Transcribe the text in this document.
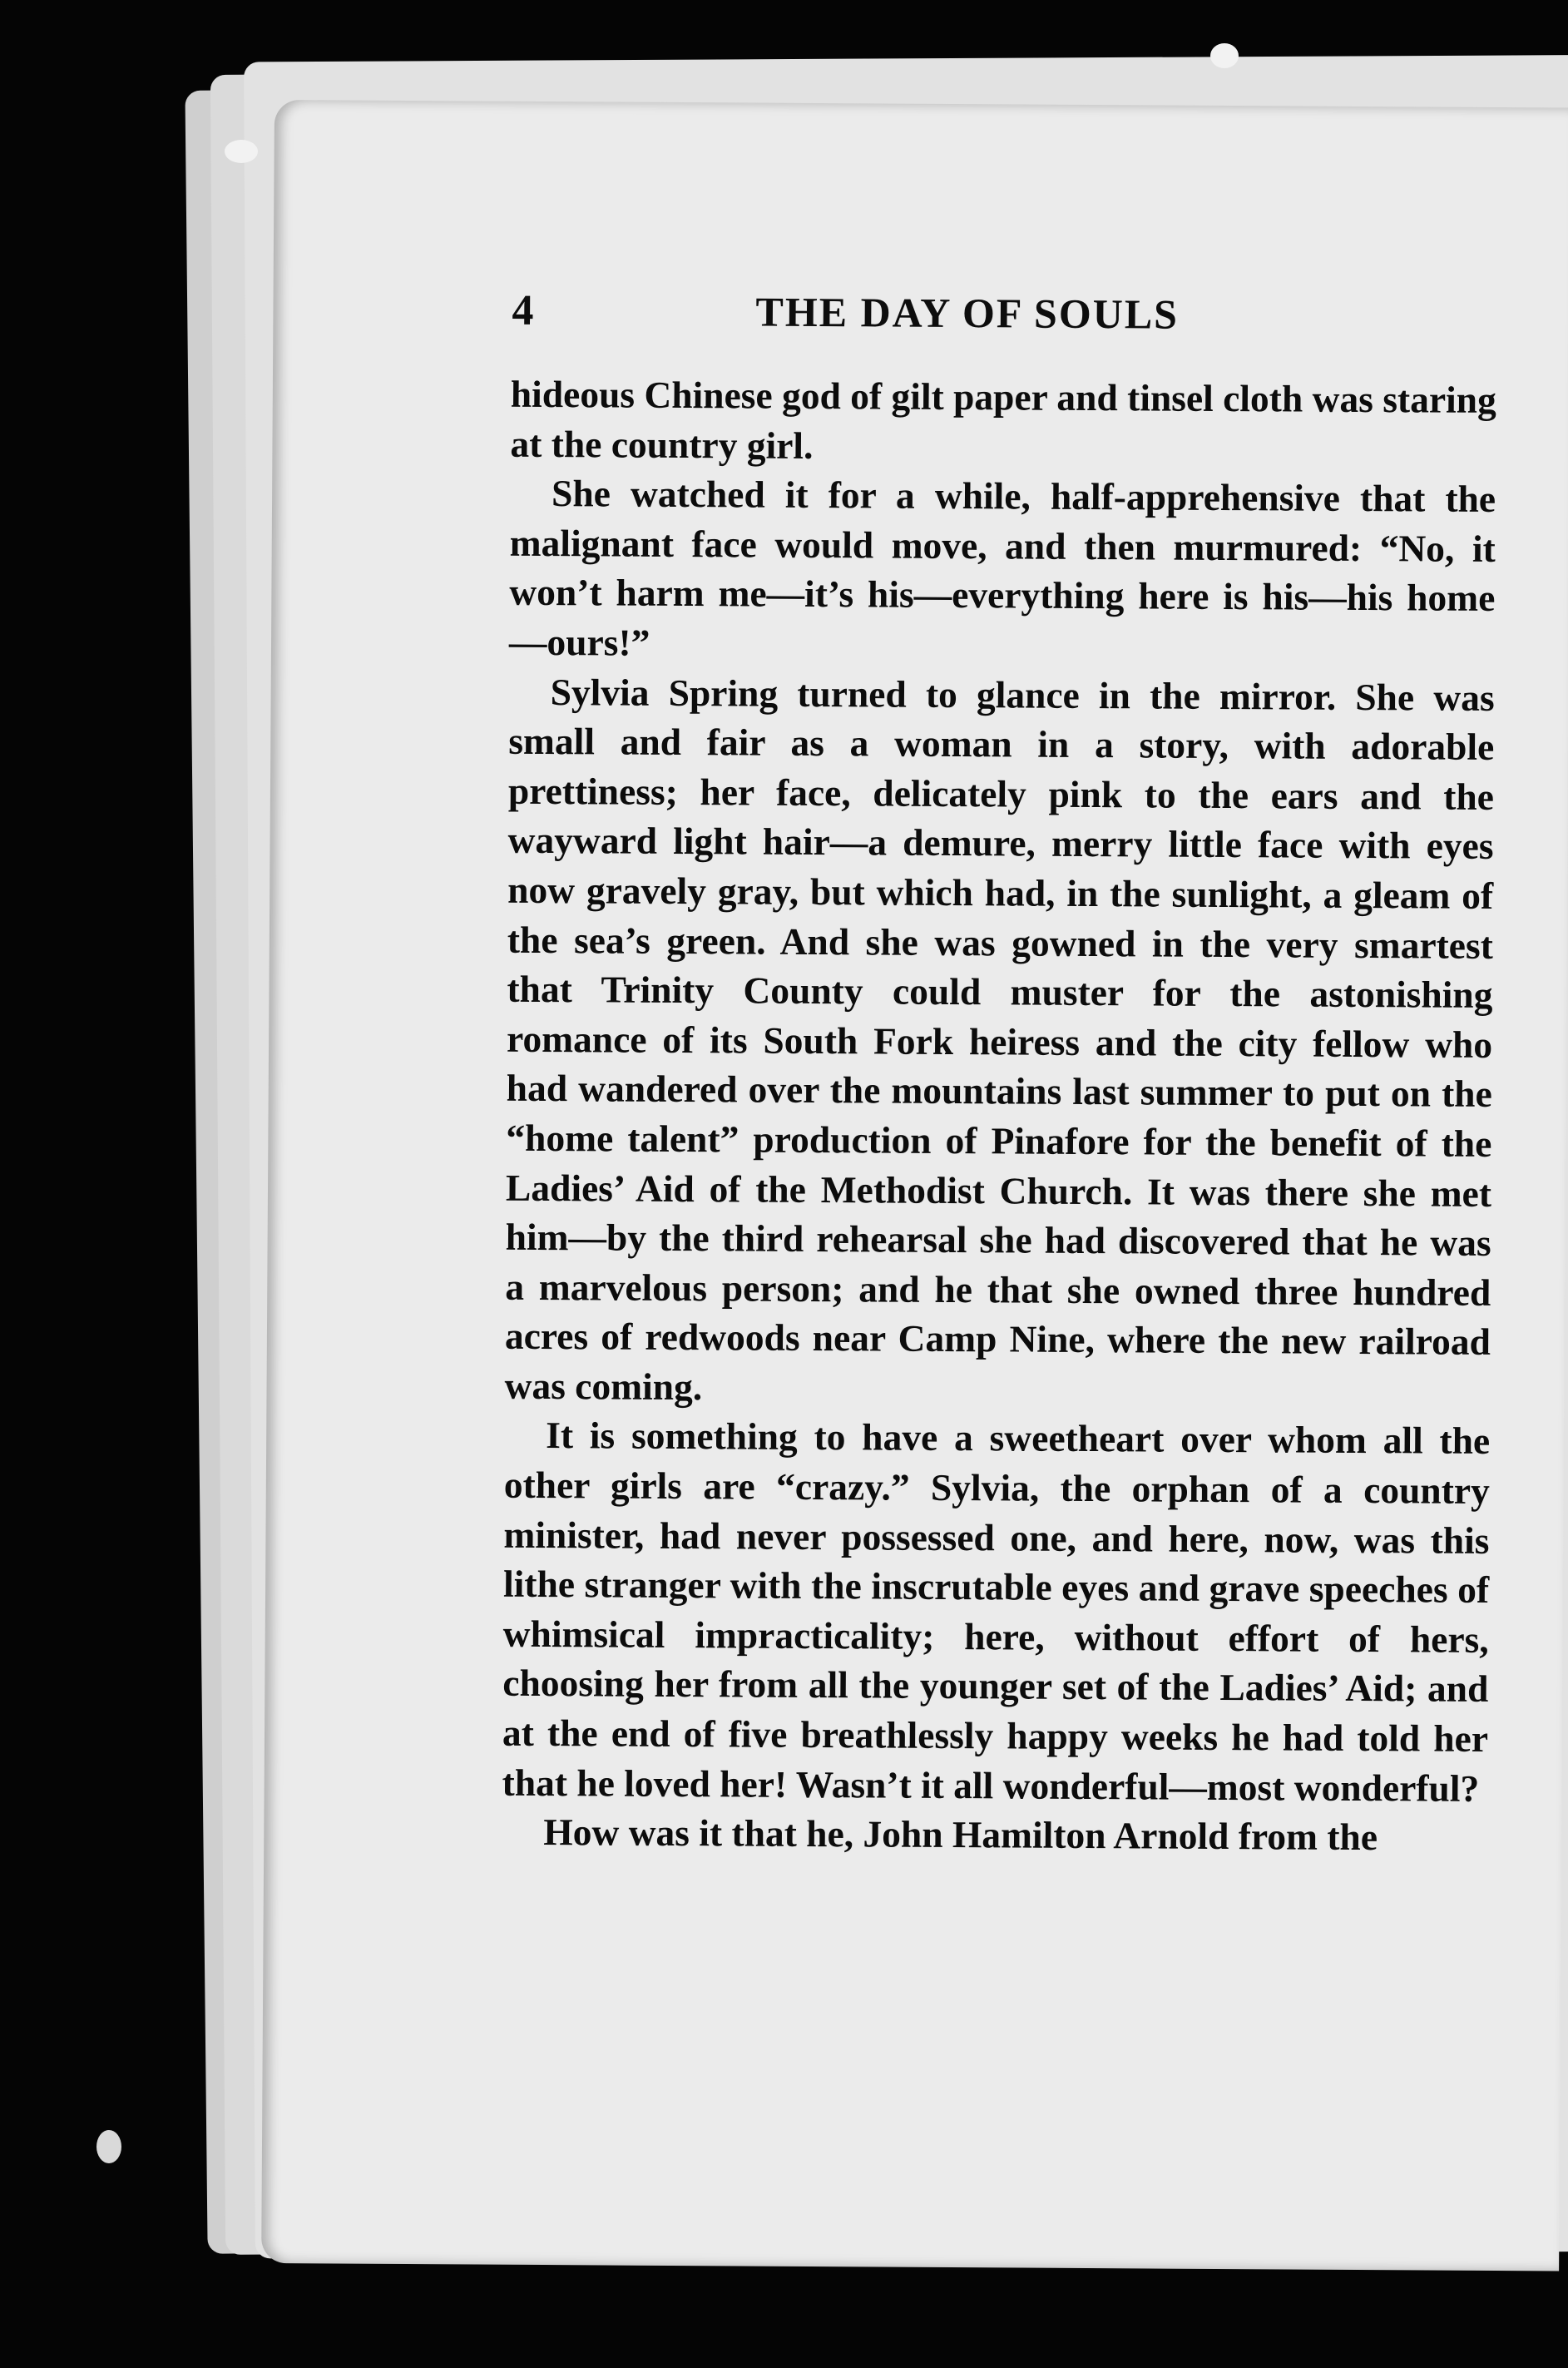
4	THE DAY OF SOULS

hideous Chinese god of gilt paper and tinsel cloth was staring at the country girl.

She watched it for a while, half-apprehensive that the malignant face would move, and then murmured: “No, it won’t harm me—it’s his—everything here is his—his home—ours!”

Sylvia Spring turned to glance in the mirror. She was small and fair as a woman in a story, with adorable prettiness; her face, delicately pink to the ears and the wayward light hair—a demure, merry little face with eyes now gravely gray, but which had, in the sunlight, a gleam of the sea’s green. And she was gowned in the very smartest that Trinity County could muster for the astonishing romance of its South Fork heiress and the city fellow who had wandered over the mountains last summer to put on the “home talent” production of Pinafore for the benefit of the Ladies’ Aid of the Methodist Church. It was there she met him—by the third rehearsal she had discovered that he was a marvelous person; and he that she owned three hundred acres of redwoods near Camp Nine, where the new railroad was coming.

It is something to have a sweetheart over whom all the other girls are “crazy.” Sylvia, the orphan of a country minister, had never possessed one, and here, now, was this lithe stranger with the inscrutable eyes and grave speeches of whimsical impracticality; here, without effort of hers, choosing her from all the younger set of the Ladies’ Aid; and at the end of five breathlessly happy weeks he had told her that he loved her! Wasn’t it all wonderful—most wonderful?

How was it that he, John Hamilton Arnold from the
